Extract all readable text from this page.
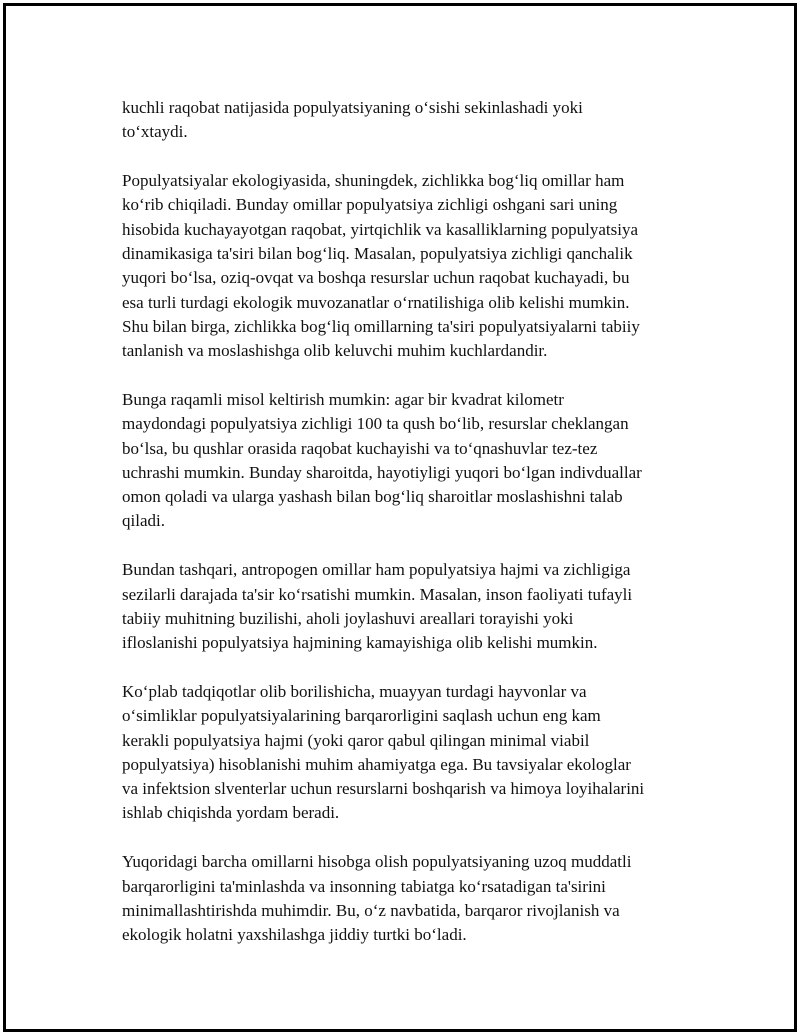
kuchli raqobat natijasida populyatsiyaning o‘sishi sekinlashadi yoki
to‘xtaydi.

Populyatsiyalar ekologiyasida, shuningdek, zichlikka bog‘liq omillar ham
ko‘rib chiqiladi. Bunday omillar populyatsiya zichligi oshgani sari uning
hisobida kuchayayotgan raqobat, yirtqichlik va kasalliklarning populyatsiya
dinamikasiga ta'siri bilan bog‘liq. Masalan, populyatsiya zichligi qanchalik
yuqori bo‘lsa, oziq-ovqat va boshqa resurslar uchun raqobat kuchayadi, bu
esa turli turdagi ekologik muvozanatlar o‘rnatilishiga olib kelishi mumkin.
Shu bilan birga, zichlikka bog‘liq omillarning ta'siri populyatsiyalarni tabiiy
tanlanish va moslashishga olib keluvchi muhim kuchlardandir.

Bunga raqamli misol keltirish mumkin: agar bir kvadrat kilometr
maydondagi populyatsiya zichligi 100 ta qush bo‘lib, resurslar cheklangan
bo‘lsa, bu qushlar orasida raqobat kuchayishi va to‘qnashuvlar tez-tez
uchrashi mumkin. Bunday sharoitda, hayotiyligi yuqori bo‘lgan indivduallar
omon qoladi va ularga yashash bilan bog‘liq sharoitlar moslashishni talab
qiladi.

Bundan tashqari, antropogen omillar ham populyatsiya hajmi va zichligiga
sezilarli darajada ta'sir ko‘rsatishi mumkin. Masalan, inson faoliyati tufayli
tabiiy muhitning buzilishi, aholi joylashuvi areallari torayishi yoki
ifloslanishi populyatsiya hajmining kamayishiga olib kelishi mumkin.

Ko‘plab tadqiqotlar olib borilishicha, muayyan turdagi hayvonlar va
o‘simliklar populyatsiyalarining barqarorligini saqlash uchun eng kam
kerakli populyatsiya hajmi (yoki qaror qabul qilingan minimal viabil
populyatsiya) hisoblanishi muhim ahamiyatga ega. Bu tavsiyalar ekologlar
va infektsion slventerlar uchun resurslarni boshqarish va himoya loyihalarini
ishlab chiqishda yordam beradi.

Yuqoridagi barcha omillarni hisobga olish populyatsiyaning uzoq muddatli
barqarorligini ta'minlashda va insonning tabiatga ko‘rsatadigan ta'sirini
minimallashtirishda muhimdir. Bu, o‘z navbatida, barqaror rivojlanish va
ekologik holatni yaxshilashga jiddiy turtki bo‘ladi.
